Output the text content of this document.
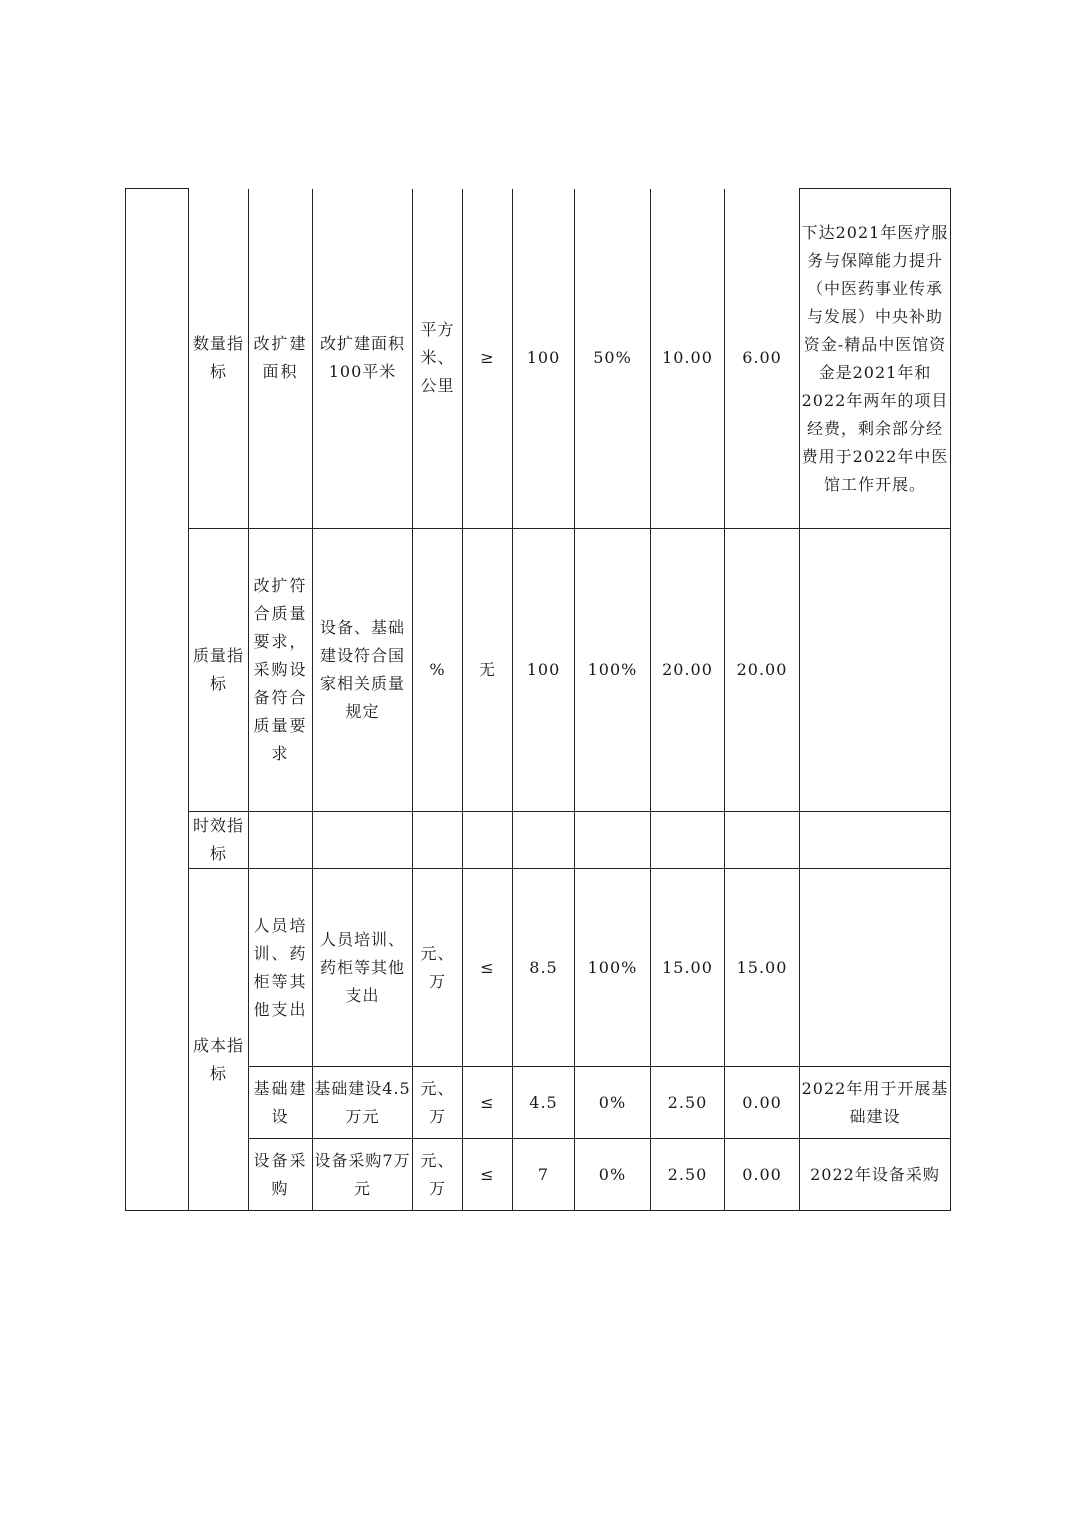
	数量指标	改扩建面积	改扩建面积100平米	平方米、公里	≥	100	50%	10.00	6.00	下达2021年医疗服务与保障能力提升（中医药事业传承与发展）中央补助资金-精品中医馆资金是2021年和2022年两年的项目经费，剩余部分经费用于2022年中医馆工作开展。
	质量指标	改扩符合质量要求，采购设备符合质量要求	设备、基础建设符合国家相关质量规定	%	无	100	100%	20.00	20.00	
	时效指标									
	成本指标	人员培训、药柜等其他支出	人员培训、药柜等其他支出	元、万	≤	8.5	100%	15.00	15.00	
		基础建设	基础建设4.5万元	元、万	≤	4.5	0%	2.50	0.00	2022年用于开展基础建设
		设备采购	设备采购7万元	元、万	≤	7	0%	2.50	0.00	2022年设备采购
